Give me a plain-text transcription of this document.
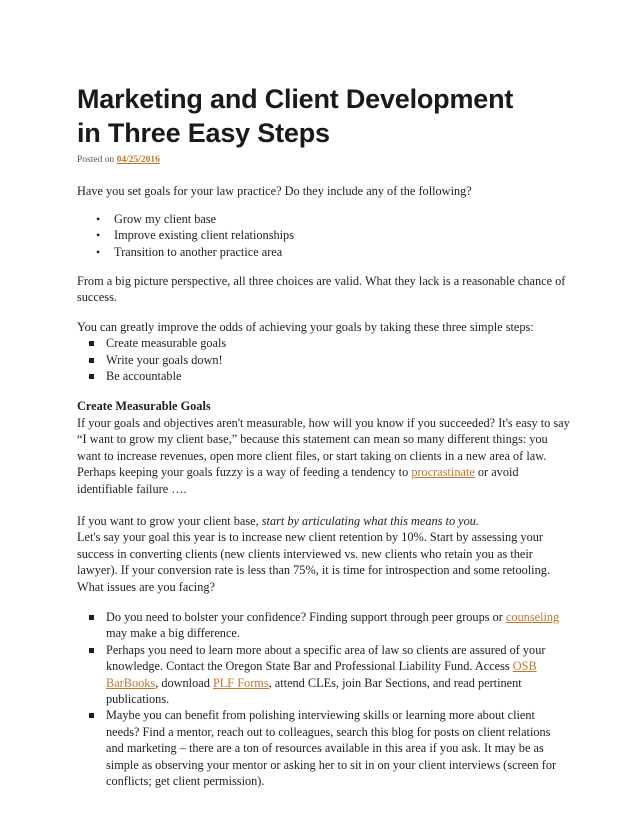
Marketing and Client Development
in Three Easy Steps
Posted on 04/25/2016

Have you set goals for your law practice? Do they include any of the following?

• Grow my client base
• Improve existing client relationships
• Transition to another practice area

From a big picture perspective, all three choices are valid. What they lack is a reasonable chance of success.

You can greatly improve the odds of achieving your goals by taking these three simple steps:

Create measurable goals
Write your goals down!
Be accountable

Create Measurable Goals

If your goals and objectives aren't measurable, how will you know if you succeeded? It's easy to say “I want to grow my client base,” because this statement can mean so many different things: you want to increase revenues, open more client files, or start taking on clients in a new area of law. Perhaps keeping your goals fuzzy is a way of feeding a tendency to procrastinate or avoid identifiable failure ….

If you want to grow your client base, start by articulating what this means to you.

Let's say your goal this year is to increase new client retention by 10%. Start by assessing your success in converting clients (new clients interviewed vs. new clients who retain you as their lawyer). If your conversion rate is less than 75%, it is time for introspection and some retooling. What issues are you facing?

Do you need to bolster your confidence? Finding support through peer groups or counseling may make a big difference.
Perhaps you need to learn more about a specific area of law so clients are assured of your knowledge. Contact the Oregon State Bar and Professional Liability Fund. Access OSB BarBooks, download PLF Forms, attend CLEs, join Bar Sections, and read pertinent publications.
Maybe you can benefit from polishing interviewing skills or learning more about client needs? Find a mentor, reach out to colleagues, search this blog for posts on client relations and marketing – there are a ton of resources available in this area if you ask. It may be as simple as observing your mentor or asking her to sit in on your client interviews (screen for conflicts; get client permission).
